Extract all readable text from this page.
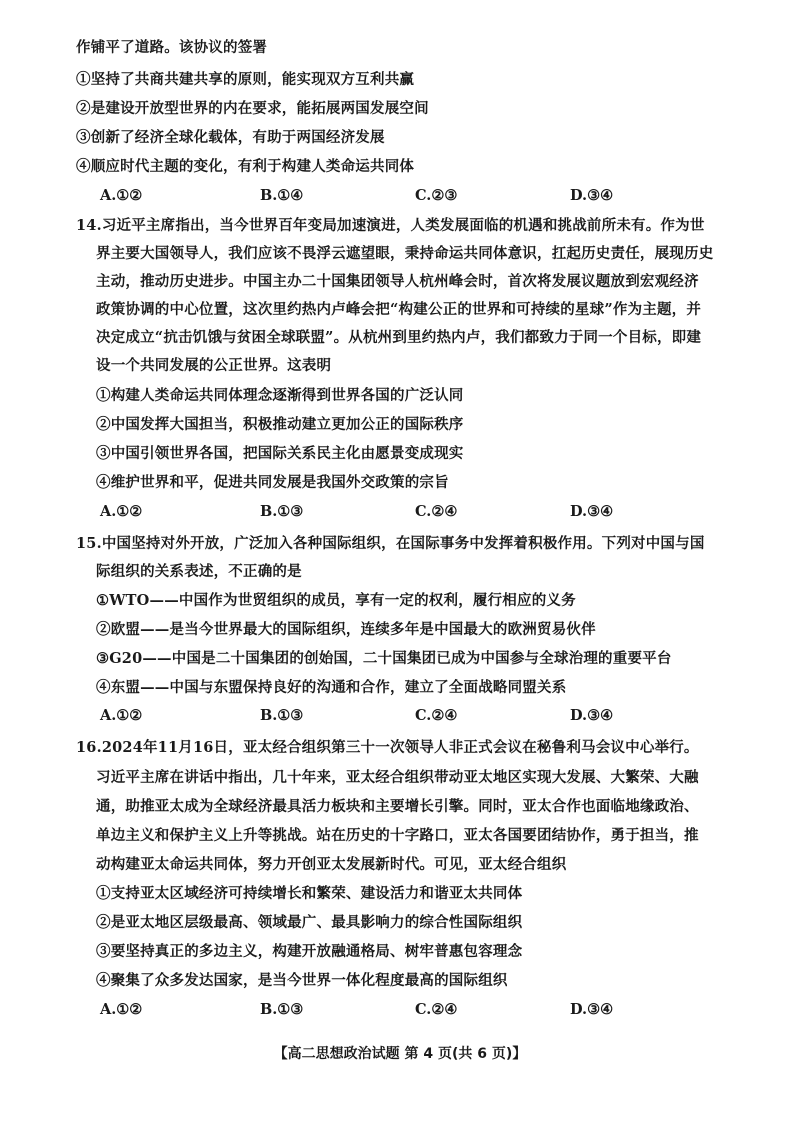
作铺平了道路。该协议的签署
①坚持了共商共建共享的原则，能实现双方互利共赢
②是建设开放型世界的内在要求，能拓展两国发展空间
③创新了经济全球化载体，有助于两国经济发展
④顺应时代主题的变化，有利于构建人类命运共同体
A.①②	B.①④	C.②③	D.③④
14.习近平主席指出，当今世界百年变局加速演进，人类发展面临的机遇和挑战前所未有。作为世
界主要大国领导人，我们应该不畏浮云遮望眼，秉持命运共同体意识，扛起历史责任，展现历史
主动，推动历史进步。中国主办二十国集团领导人杭州峰会时，首次将发展议题放到宏观经济
政策协调的中心位置，这次里约热内卢峰会把“构建公正的世界和可持续的星球”作为主题，并
决定成立“抗击饥饿与贫困全球联盟”。从杭州到里约热内卢，我们都致力于同一个目标，即建
设一个共同发展的公正世界。这表明
①构建人类命运共同体理念逐渐得到世界各国的广泛认同
②中国发挥大国担当，积极推动建立更加公正的国际秩序
③中国引领世界各国，把国际关系民主化由愿景变成现实
④维护世界和平，促进共同发展是我国外交政策的宗旨
A.①②	B.①③	C.②④	D.③④
15.中国坚持对外开放，广泛加入各种国际组织，在国际事务中发挥着积极作用。下列对中国与国
际组织的关系表述，不正确的是
①WTO——中国作为世贸组织的成员，享有一定的权利，履行相应的义务
②欧盟——是当今世界最大的国际组织，连续多年是中国最大的欧洲贸易伙伴
③G20——中国是二十国集团的创始国，二十国集团已成为中国参与全球治理的重要平台
④东盟——中国与东盟保持良好的沟通和合作，建立了全面战略同盟关系
A.①②	B.①③	C.②④	D.③④
16.2024年11月16日，亚太经合组织第三十一次领导人非正式会议在秘鲁利马会议中心举行。
习近平主席在讲话中指出，几十年来，亚太经合组织带动亚太地区实现大发展、大繁荣、大融
通，助推亚太成为全球经济最具活力板块和主要增长引擎。同时，亚太合作也面临地缘政治、
单边主义和保护主义上升等挑战。站在历史的十字路口，亚太各国要团结协作，勇于担当，推
动构建亚太命运共同体，努力开创亚太发展新时代。可见，亚太经合组织
①支持亚太区域经济可持续增长和繁荣、建设活力和谐亚太共同体
②是亚太地区层级最高、领域最广、最具影响力的综合性国际组织
③要坚持真正的多边主义，构建开放融通格局、树牢普惠包容理念
④聚集了众多发达国家，是当今世界一体化程度最高的国际组织
A.①②	B.①③	C.②④	D.③④
【高二思想政治试题 第 4 页(共 6 页)】
